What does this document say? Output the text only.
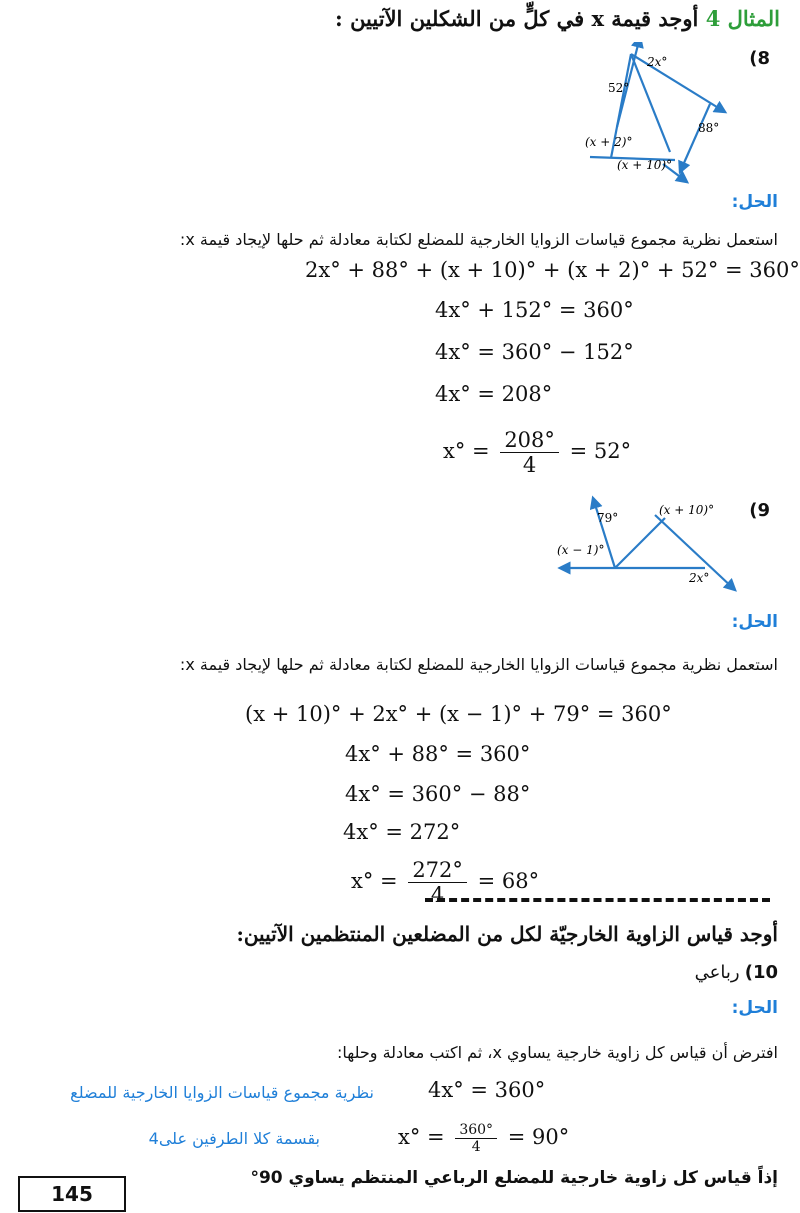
المثال 4 أوجد قيمة x في كلٍّ من الشكلين الآتيين :
(8
2x°
52°
88°
(x + 2)°
(x + 10)°
الحل:
استعمل نظرية مجموع قياسات الزوايا الخارجية للمضلع لكتابة معادلة ثم حلها لإيجاد قيمة x:
2x° + 88° + (x + 10)° + (x + 2)° + 52° = 360°
4x° + 152° = 360°
4x° = 360° − 152°
4x° = 208°
$x^\circ = \frac{208^\circ}{4} = 52^\circ$
(9
79°
(x + 10)°
(x − 1)°
2x°
الحل:
استعمل نظرية مجموع قياسات الزوايا الخارجية للمضلع لكتابة معادلة ثم حلها لإيجاد قيمة x:
(x + 10)° + 2x° + (x − 1)° + 79° = 360°
4x° + 88° = 360°
4x° = 360° − 88°
4x° = 272°
$x^\circ = \frac{272^\circ}{4} = 68^\circ$
أوجد قياس الزاوية الخارجيّة لكل من المضلعين المنتظمين الآتيين:
10) رباعي
الحل:
افترض أن قياس كل زاوية خارجية يساوي x، ثم اكتب معادلة وحلها:
4x° = 360°
نظرية مجموع قياسات الزوايا الخارجية للمضلع
$x^\circ = \frac{360^\circ}{4} = 90^\circ$
بقسمة كلا الطرفين على4
إذاً قياس كل زاوية خارجية للمضلع الرباعي المنتظم يساوي 90°
145
